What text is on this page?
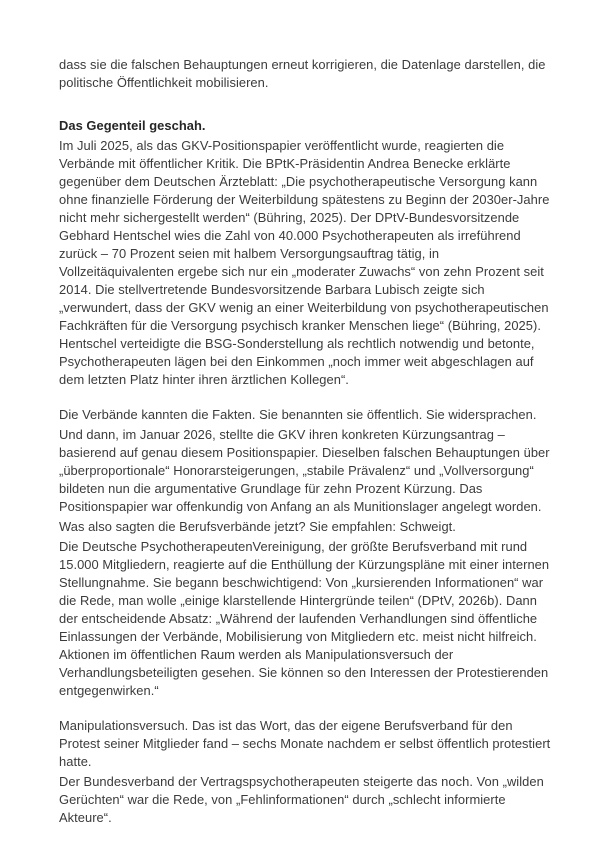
dass sie die falschen Behauptungen erneut korrigieren, die Datenlage darstellen, die politische Öffentlichkeit mobilisieren.

Das Gegenteil geschah.

Im Juli 2025, als das GKV-Positionspapier veröffentlicht wurde, reagierten die Verbände mit öffentlicher Kritik. Die BPtK-Präsidentin Andrea Benecke erklärte gegenüber dem Deutschen Ärzteblatt: „Die psychotherapeutische Versorgung kann ohne finanzielle Förderung der Weiterbildung spätestens zu Beginn der 2030er-Jahre nicht mehr sichergestellt werden“ (Bühring, 2025). Der DPtV-Bundesvorsitzende Gebhard Hentschel wies die Zahl von 40.000 Psychotherapeuten als irreführend zurück – 70 Prozent seien mit halbem Versorgungsauftrag tätig, in Vollzeitäquivalenten ergebe sich nur ein „moderater Zuwachs“ von zehn Prozent seit 2014. Die stellvertretende Bundesvorsitzende Barbara Lubisch zeigte sich „verwundert, dass der GKV wenig an einer Weiterbildung von psychotherapeutischen Fachkräften für die Versorgung psychisch kranker Menschen liege“ (Bühring, 2025). Hentschel verteidigte die BSG-Sonderstellung als rechtlich notwendig und betonte, Psychotherapeuten lägen bei den Einkommen „noch immer weit abgeschlagen auf dem letzten Platz hinter ihren ärztlichen Kollegen“.

Die Verbände kannten die Fakten. Sie benannten sie öffentlich. Sie widersprachen.

Und dann, im Januar 2026, stellte die GKV ihren konkreten Kürzungsantrag – basierend auf genau diesem Positionspapier. Dieselben falschen Behauptungen über „überproportionale“ Honorarsteigerungen, „stabile Prävalenz“ und „Vollversorgung“ bildeten nun die argumentative Grundlage für zehn Prozent Kürzung. Das Positionspapier war offenkundig von Anfang an als Munitionslager angelegt worden.

Was also sagten die Berufsverbände jetzt? Sie empfahlen: Schweigt.

Die Deutsche PsychotherapeutenVereinigung, der größte Berufsverband mit rund 15.000 Mitgliedern, reagierte auf die Enthüllung der Kürzungspläne mit einer internen Stellungnahme. Sie begann beschwichtigend: Von „kursierenden Informationen“ war die Rede, man wolle „einige klarstellende Hintergründe teilen“ (DPtV, 2026b). Dann der entscheidende Absatz: „Während der laufenden Verhandlungen sind öffentliche Einlassungen der Verbände, Mobilisierung von Mitgliedern etc. meist nicht hilfreich. Aktionen im öffentlichen Raum werden als Manipulationsversuch der Verhandlungsbeteiligten gesehen. Sie können so den Interessen der Protestierenden entgegenwirken.“

Manipulationsversuch. Das ist das Wort, das der eigene Berufsverband für den Protest seiner Mitglieder fand – sechs Monate nachdem er selbst öffentlich protestiert hatte.

Der Bundesverband der Vertragspsychotherapeuten steigerte das noch. Von „wilden Gerüchten“ war die Rede, von „Fehlinformationen“ durch „schlecht informierte Akteure“.
